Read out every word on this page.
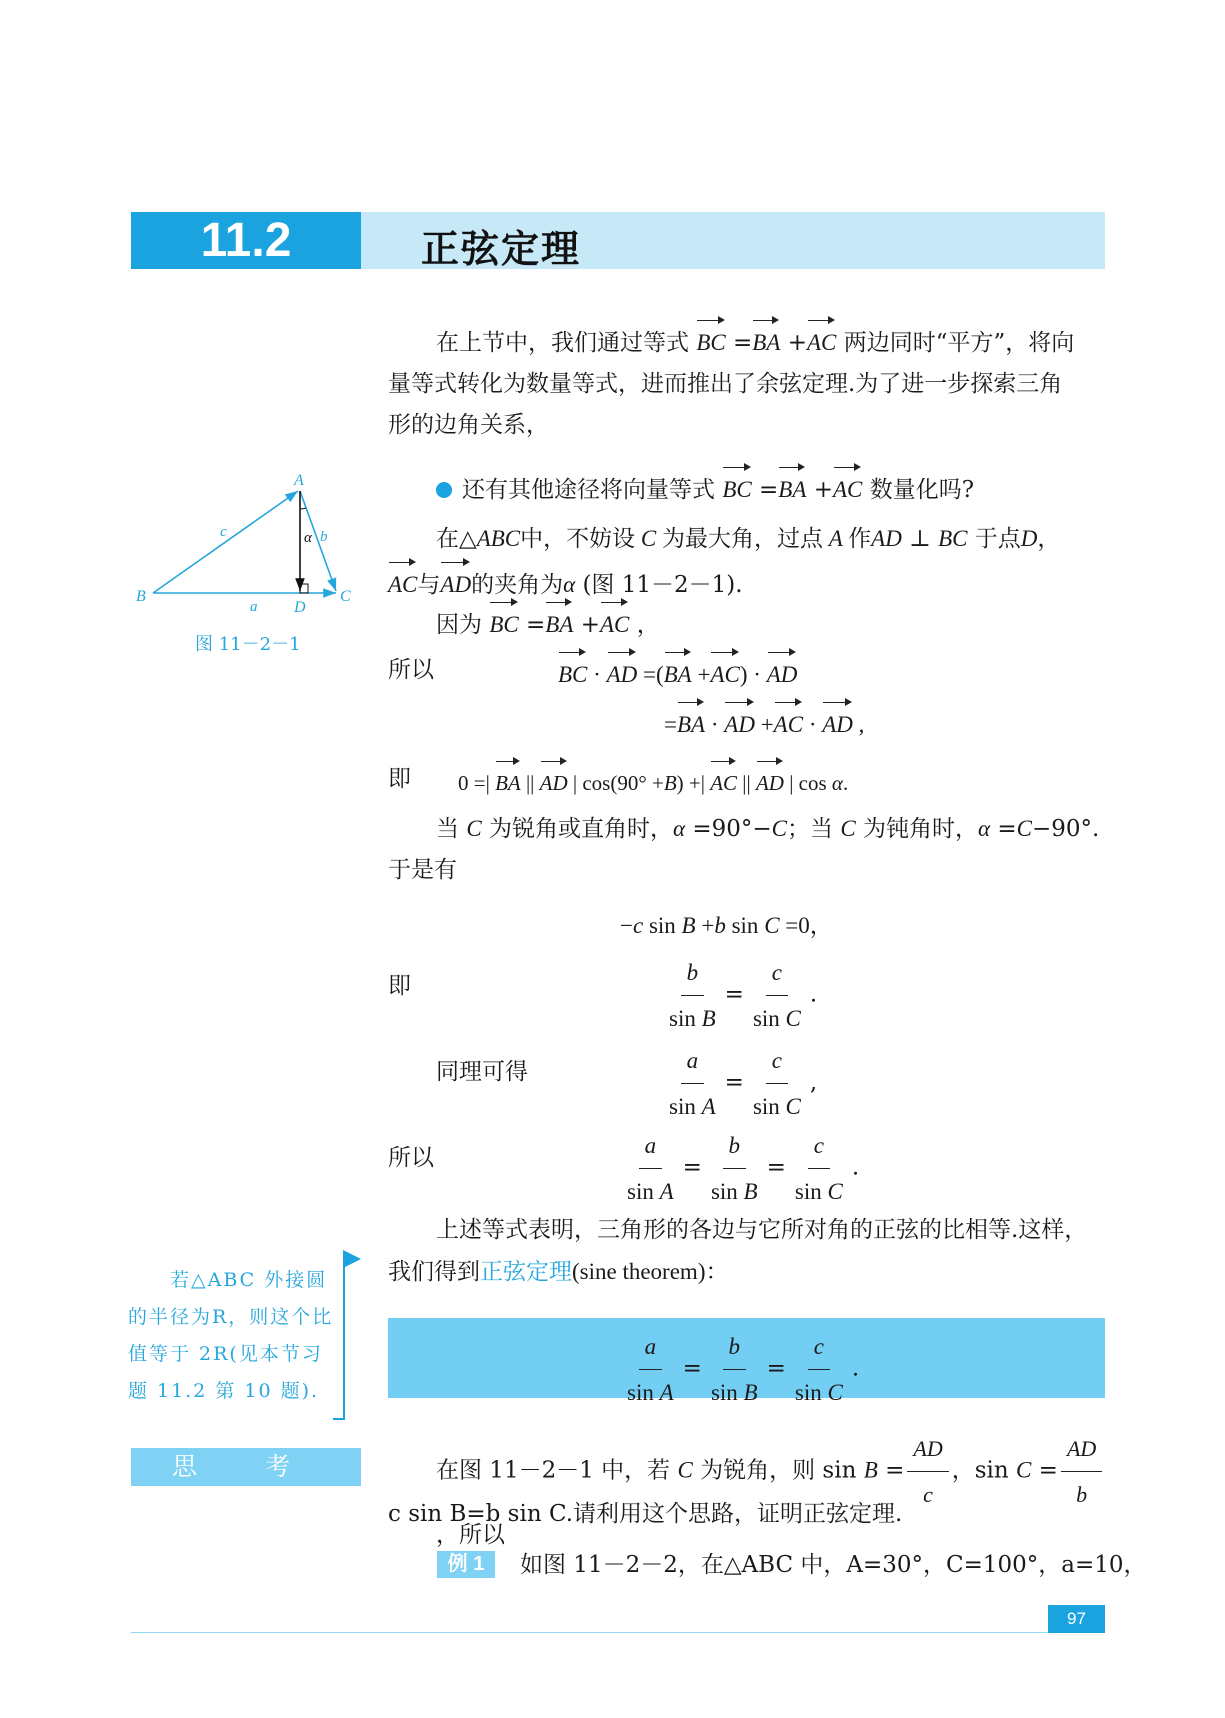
11.2	正弦定理
在上节中，我们通过等式 BC =BA +AC 两边同时“平方”，将向
量等式转化为数量等式，进而推出了余弦定理.为了进一步探索三角
形的边角关系，
还有其他途径将向量等式 BC =BA +AC 数量化吗?
在△ABC中，不妨设 C 为最大角，过点 A 作AD ⊥ BC 于点D，
AC与AD的夹角为α (图 11－2－1).
因为 BC =BA +AC ，
所以	BC · AD =(BA +AC) · AD
=BA · AD +AC · AD ,
即 0 =| BA || AD | cos(90° +B) +| AC || AD | cos α.
当 C 为锐角或直角时，α =90°−C；当 C 为钝角时，α =C−90°.
于是有
−c sin B +b sin C =0，
即	$\frac{b}{\text{sin B}} = \frac{c}{\text{sin C}}$ .
同理可得	$\frac{a}{\text{sin A}} = \frac{c}{\text{sin C}}$ ,
所以	$\frac{a}{\text{sin A}} = \frac{b}{\text{sin B}} = \frac{c}{\text{sin C}}$ .
上述等式表明，三角形的各边与它所对角的正弦的比相等.这样，
我们得到正弦定理(sine theorem)：
$\frac{a}{\text{sin A}} = \frac{b}{\text{sin B}} = \frac{c}{\text{sin C}}$ .
A
B	C
D
a
b
c	α
图 11－2－1
若△ABC 外接圆
的半径为R，则这个比
值等于 2R(见本节习
题 11.2 第 10 题).
思 考	在图 11－2－1 中，若 C 为锐角，则 $\sin B = \frac{AD}{c}$ ，$\sin C = \frac{AD}{b}$
，所以
c sin B=b sin C.请利用这个思路，证明正弦定理.
例 1	如图 11－2－2，在△ABC 中，A=30°，C=100°，a=10，
97
